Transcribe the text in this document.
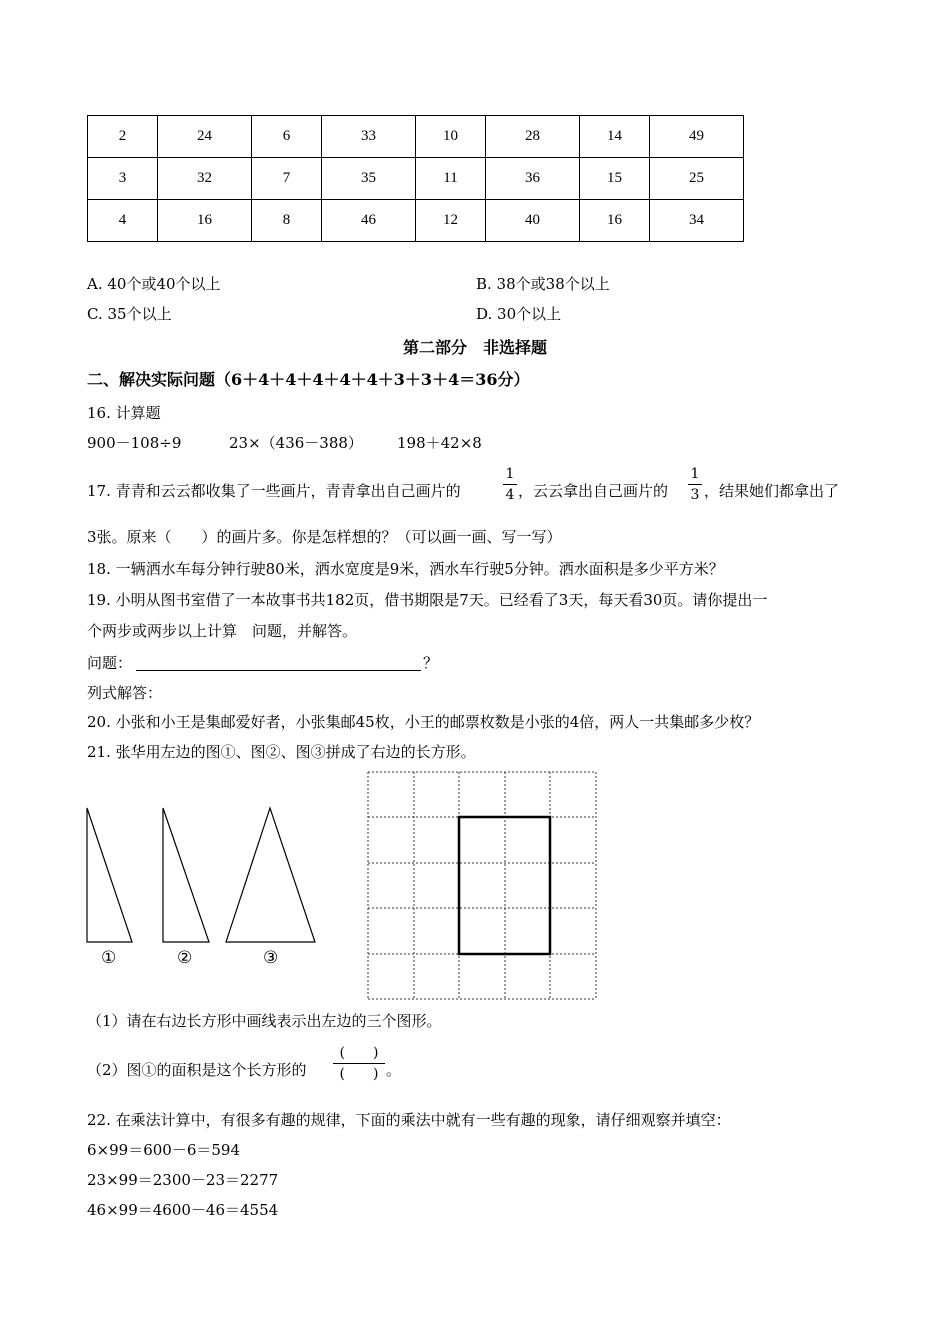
2	24	6	33	10	28	14	49
3	32	7	35	11	36	15	25
4	16	8	46	12	40	16	34
A. 40个或40个以上	B. 38个或38个以上
C. 35个以上	D. 30个以上
第二部分　非选择题
二、解决实际问题（6＋4＋4＋4＋4＋4＋3＋3＋4＝36分）
16. 计算题
900－108÷9	23×（436－388） 198＋42×8
17. 青青和云云都收集了一些画片，青青拿出自己画片的
1
4 ，云云拿出自己画片的
1
3 ，结果她们都拿出了
3张。原来（　　）的画片多。你是怎样想的？（可以画一画、写一写）
18. 一辆洒水车每分钟行驶80米，洒水宽度是9米，洒水车行驶5分钟。洒水面积是多少平方米？
19. 小明从图书室借了一本故事书共182页，借书期限是7天。已经看了3天，每天看30页。请你提出一
个两步或两步以上计算　问题，并解答。
问题：	？
列式解答：
20. 小张和小王是集邮爱好者，小张集邮45枚，小王的邮票枚数是小张的4倍，两人一共集邮多少枚？
21. 张华用左边的图①、图②、图③拼成了右边的长方形。
①	②	③
（1）请在右边长方形中画线表示出左边的三个图形。
（2）图①的面积是这个长方形的
(　　)
(　　) 。
22. 在乘法计算中，有很多有趣的规律，下面的乘法中就有一些有趣的现象，请仔细观察并填空：
6×99＝600－6＝594
23×99＝2300－23＝2277
46×99＝4600－46＝4554
